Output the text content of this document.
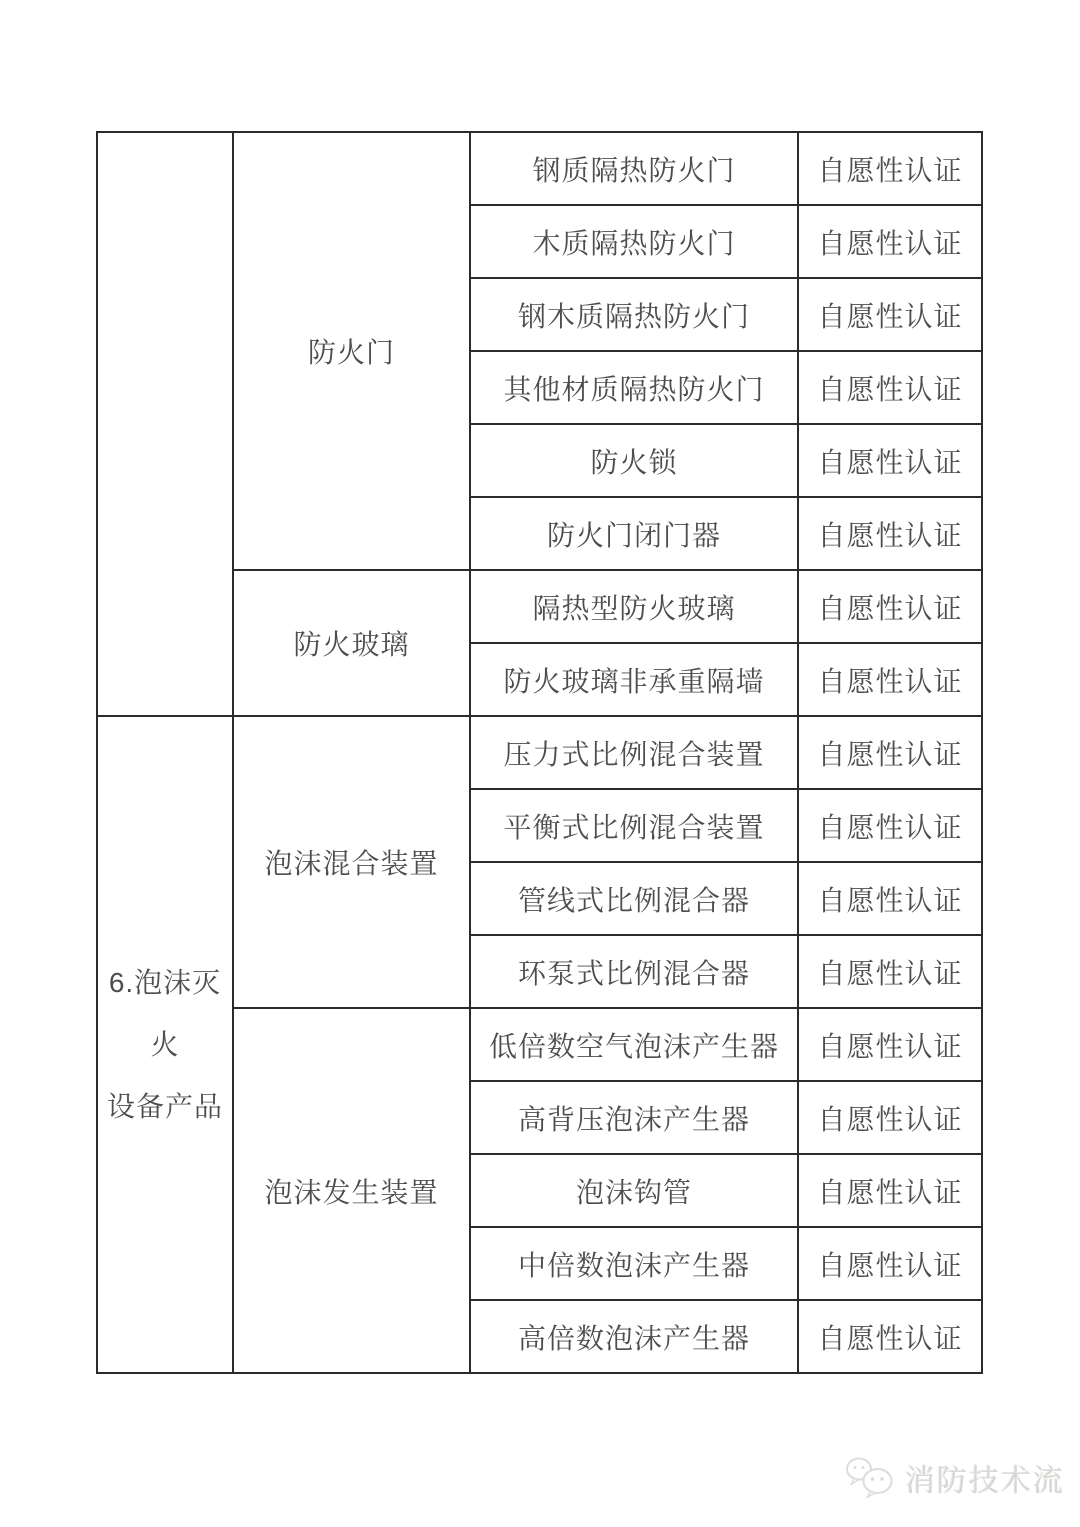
	防火门	钢质隔热防火门	自愿性认证
		木质隔热防火门	自愿性认证
		钢木质隔热防火门	自愿性认证
		其他材质隔热防火门	自愿性认证
		防火锁	自愿性认证
		防火门闭门器	自愿性认证
	防火玻璃	隔热型防火玻璃	自愿性认证
		防火玻璃非承重隔墙	自愿性认证

6.泡沫灭火
设备产品	泡沫混合装置	压力式比例混合装置	自愿性认证
		平衡式比例混合装置	自愿性认证
		管线式比例混合器	自愿性认证
		环泵式比例混合器	自愿性认证
	泡沫发生装置	低倍数空气泡沫产生器	自愿性认证
		高背压泡沫产生器	自愿性认证
		泡沫钩管	自愿性认证
		中倍数泡沫产生器	自愿性认证
		高倍数泡沫产生器	自愿性认证
消防技术流
